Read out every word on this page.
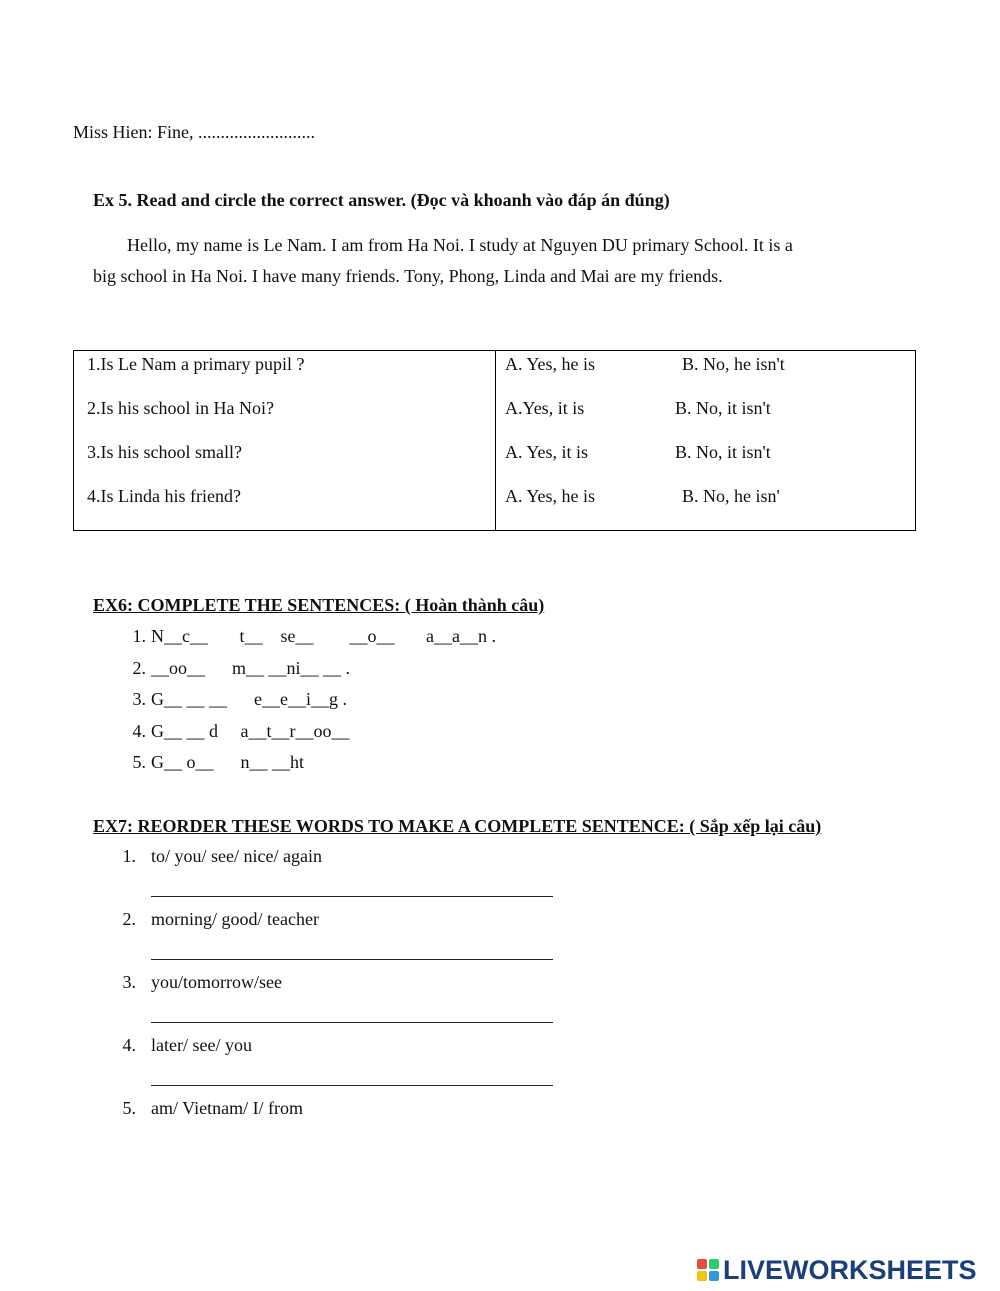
Miss Hien: Fine, ..........................
Ex 5. Read and circle the correct answer. (Đọc và khoanh vào đáp án đúng)
Hello, my name is Le Nam. I am from Ha Noi. I study at Nguyen DU primary School. It is a
big school in Ha Noi. I have many friends. Tony, Phong, Linda and Mai are my friends.
1.Is Le Nam a primary pupil ?	A. Yes, he is B. No, he isn't

2.Is his school in Ha Noi?	A.Yes, it is B. No, it isn't

3.Is his school small?	A. Yes, it is B. No, it isn't

4.Is Linda his friend?	A. Yes, he is B. No, he isn'
EX6: COMPLETE THE SENTENCES: ( Hoàn thành câu)
1. N__c__       t__    se__        __o__       a__a__n .
2. __oo__      m__ __ni__ __ .
3. G__ __ __      e__e__i__g .
4. G__ __ d     a__t__r__oo__
5. G__ o__      n__ __ht
EX7: REORDER THESE WORDS TO MAKE A COMPLETE SENTENCE: ( Sắp xếp lại câu)
1. to/ you/ see/ nice/ again
2. morning/ good/ teacher
3. you/tomorrow/see
4. later/ see/ you
5. am/ Vietnam/ I/ from
LIVEWORKSHEETS
